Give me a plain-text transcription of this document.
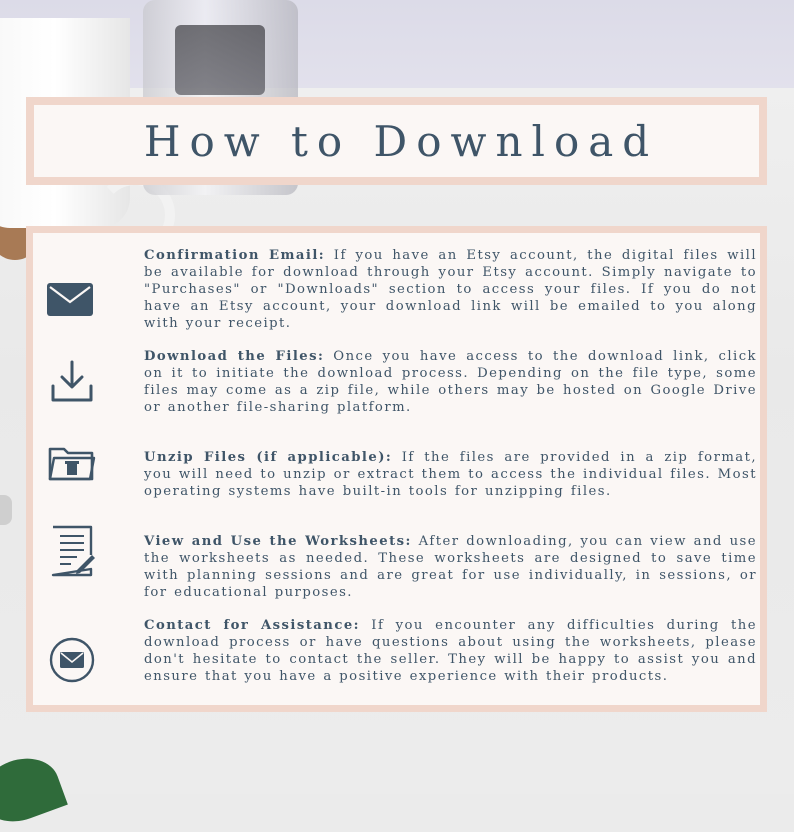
How to Download

Confirmation Email: If you have an Etsy account, the digital files will be available for download through your Etsy account. Simply navigate to "Purchases" or "Downloads" section to access your files. If you do not have an Etsy account, your download link will be emailed to you along with your receipt.

Download the Files: Once you have access to the download link, click on it to initiate the download process. Depending on the file type, some files may come as a zip file, while others may be hosted on Google Drive or another file-sharing platform.

Unzip Files (if applicable): If the files are provided in a zip format, you will need to unzip or extract them to access the individual files. Most operating systems have built-in tools for unzipping files.

View and Use the Worksheets: After downloading, you can view and use the worksheets as needed. These worksheets are designed to save time with planning sessions and are great for use individually, in sessions, or for educational purposes.

Contact for Assistance: If you encounter any difficulties during the download process or have questions about using the worksheets, please don't hesitate to contact the seller. They will be happy to assist you and ensure that you have a positive experience with their products.
